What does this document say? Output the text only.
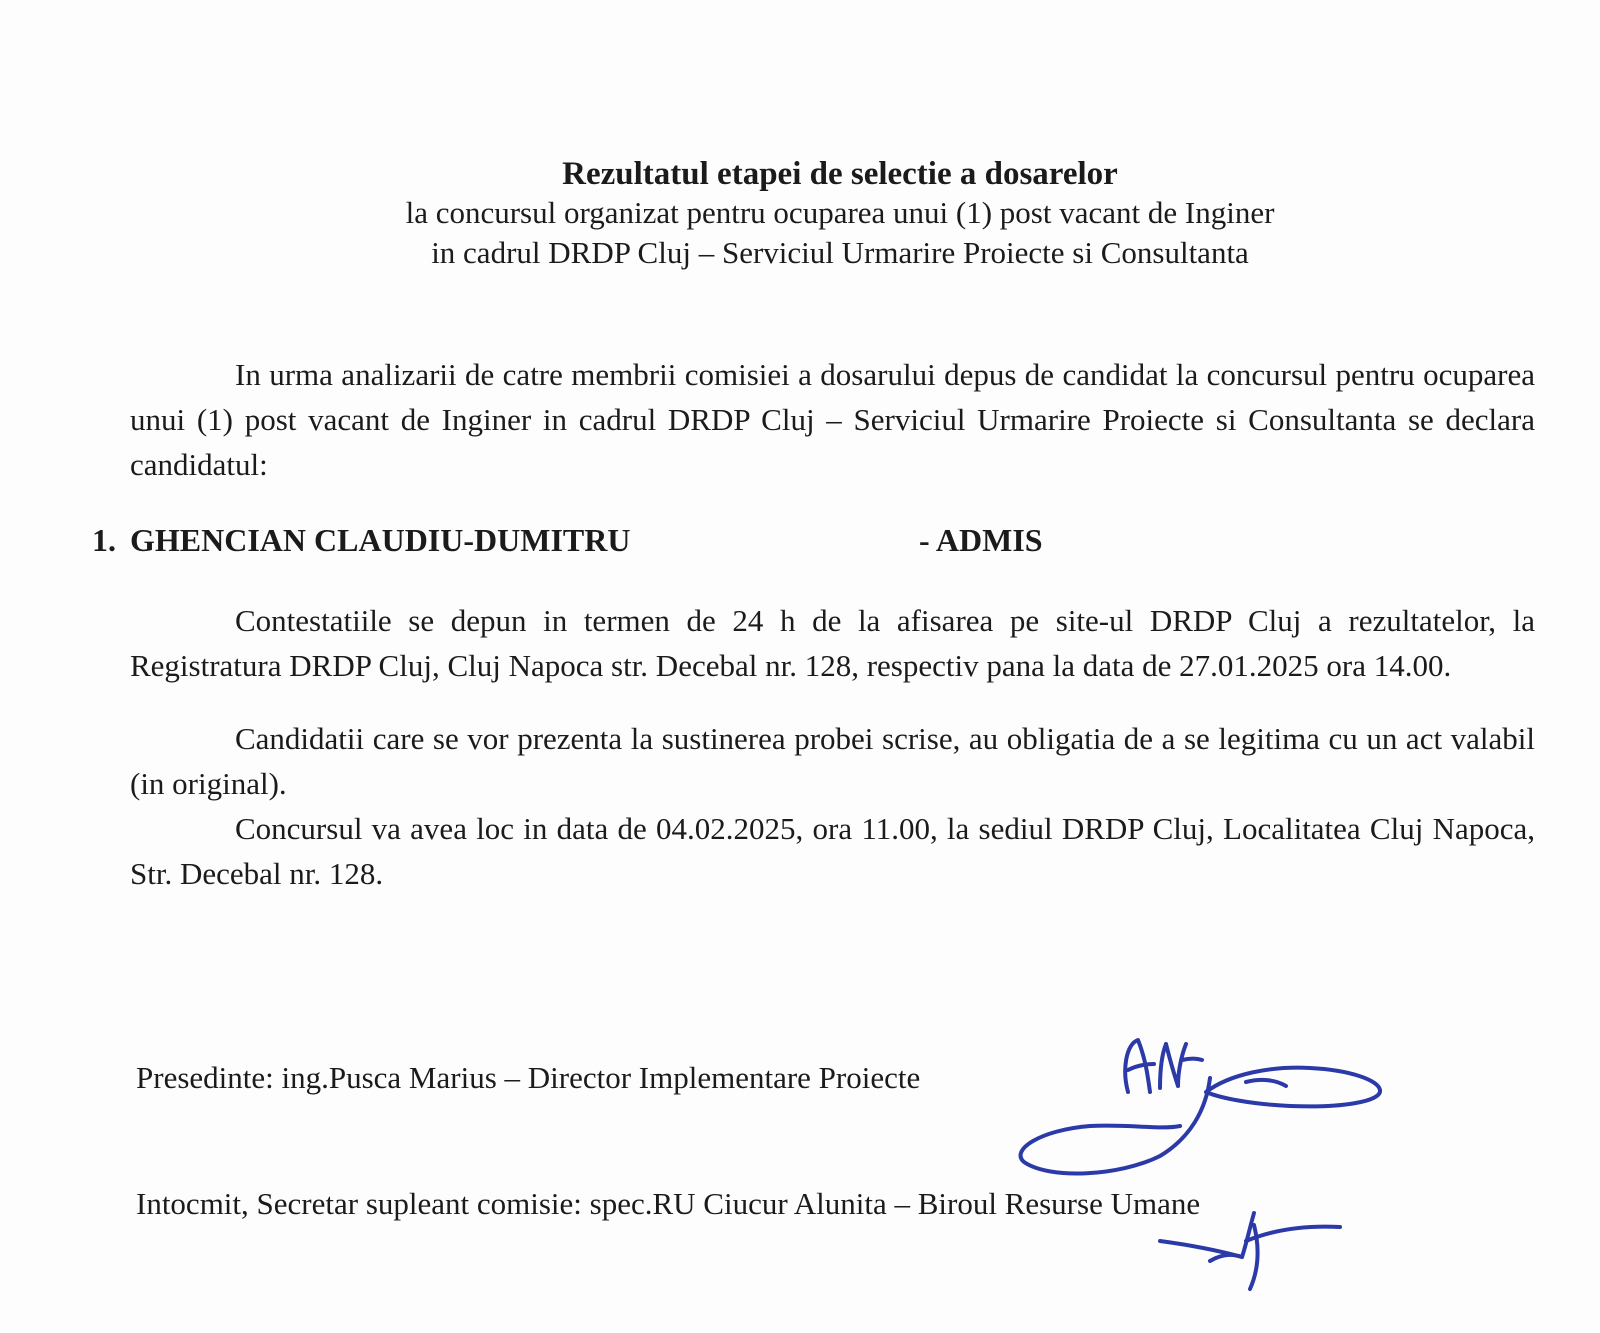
Rezultatul etapei de selectie a dosarelor

la concursul organizat pentru ocuparea unui (1) post vacant de Inginer

in cadrul DRDP Cluj – Serviciul Urmarire Proiecte si Consultanta

In urma analizarii de catre membrii comisiei a dosarului depus de candidat la concursul pentru ocuparea unui (1) post vacant de Inginer in cadrul DRDP Cluj – Serviciul Urmarire Proiecte si Consultanta se declara candidatul:

1. GHENCIAN CLAUDIU-DUMITRU	- ADMIS

Contestatiile se depun in termen de 24 h de la afisarea pe site-ul DRDP Cluj a rezultatelor, la Registratura DRDP Cluj, Cluj Napoca str. Decebal nr. 128, respectiv pana la data de 27.01.2025 ora 14.00.

Candidatii care se vor prezenta la sustinerea probei scrise, au obligatia de a se legitima cu un act valabil (in original).

Concursul va avea loc in data de 04.02.2025, ora 11.00, la sediul DRDP Cluj, Localitatea Cluj Napoca, Str. Decebal nr. 128.

Presedinte: ing.Pusca Marius – Director Implementare Proiecte
Intocmit, Secretar supleant comisie: spec.RU Ciucur Alunita – Biroul Resurse Umane
